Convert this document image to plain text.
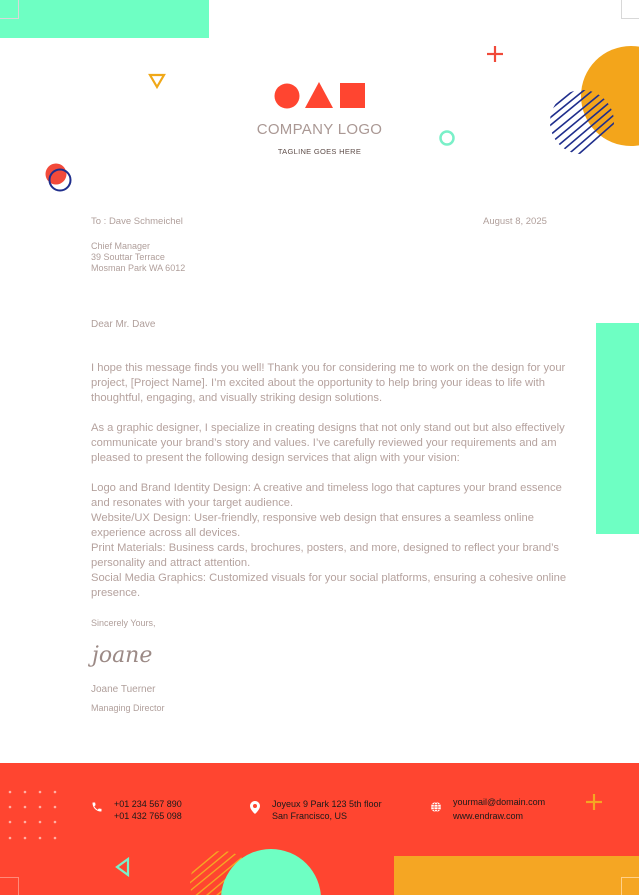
COMPANY LOGO
TAGLINE GOES HERE
To : Dave Schmeichel	August 8, 2025
Chief Manager
39 Souttar Terrace
Mosman Park WA 6012
Dear Mr. Dave
I hope this message finds you well! Thank you for considering me to work on the design for your project, [Project Name]. I’m excited about the opportunity to help bring your ideas to life with thoughtful, engaging, and visually striking design solutions.
As a graphic designer, I specialize in creating designs that not only stand out but also effectively communicate your brand’s story and values. I’ve carefully reviewed your requirements and am pleased to present the following design services that align with your vision:
Logo and Brand Identity Design: A creative and timeless logo that captures your brand essence and resonates with your target audience.
Website/UX Design: User-friendly, responsive web design that ensures a seamless online experience across all devices.
Print Materials: Business cards, brochures, posters, and more, designed to reflect your brand’s personality and attract attention.
Social Media Graphics: Customized visuals for your social platforms, ensuring a cohesive online presence.
Sincerely Yours,
joane
Joane Tuerner
Managing Director
+01 234 567 890
+01 432 765 098
Joyeux 9 Park 123 5th floor
San Francisco, US
yourmail@domain.com
www.endraw.com
